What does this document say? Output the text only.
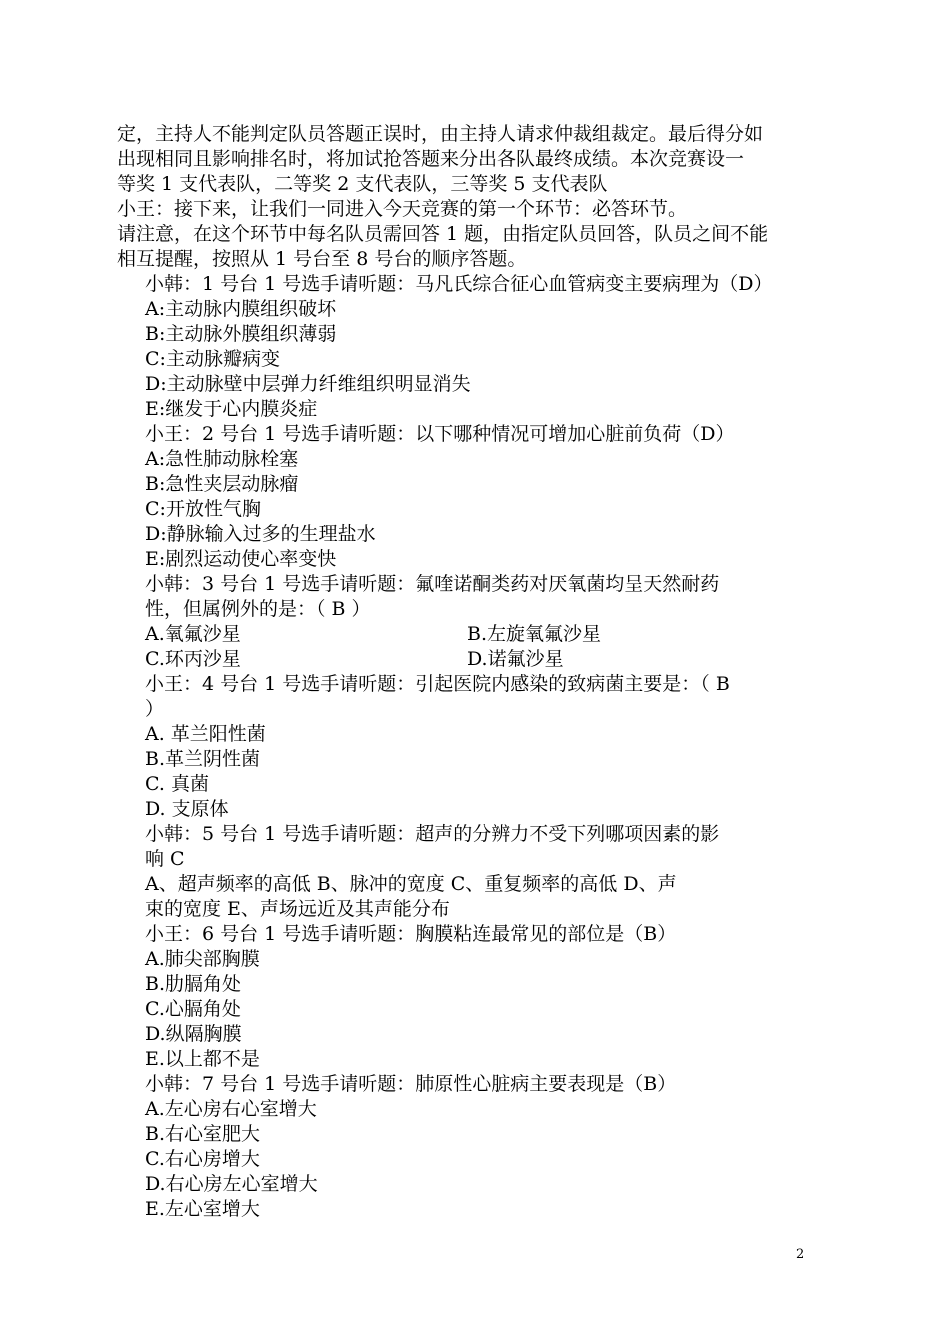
定，主持人不能判定队员答题正误时，由主持人请求仲裁组裁定。最后得分如
出现相同且影响排名时，将加试抢答题来分出各队最终成绩。本次竞赛设一
等奖 1 支代表队，二等奖 2 支代表队，三等奖 5 支代表队
小王：接下来，让我们一同进入今天竞赛的第一个环节：必答环节。
请注意，在这个环节中每名队员需回答 1 题，由指定队员回答，队员之间不能
相互提醒，按照从 1 号台至 8 号台的顺序答题。
小韩：1 号台 1 号选手请听题：马凡氏综合征心血管病变主要病理为（D）
A:主动脉内膜组织破坏
B:主动脉外膜组织薄弱
C:主动脉瓣病变
D:主动脉壁中层弹力纤维组织明显消失
E:继发于心内膜炎症
小王：2 号台 1 号选手请听题：以下哪种情况可增加心脏前负荷（D）
A:急性肺动脉栓塞
B:急性夹层动脉瘤
C:开放性气胸
D:静脉输入过多的生理盐水
E:剧烈运动使心率变快
小韩：3 号台 1 号选手请听题：氟喹诺酮类药对厌氧菌均呈天然耐药
性，但属例外的是：（ B ）
A.氧氟沙星	B.左旋氧氟沙星
C.环丙沙星	D.诺氟沙星
小王：4 号台 1 号选手请听题：引起医院内感染的致病菌主要是：（ B
）
A. 革兰阳性菌
B.革兰阴性菌
C. 真菌
D. 支原体
小韩：5 号台 1 号选手请听题：超声的分辨力不受下列哪项因素的影
响 C
A、超声频率的高低 B、脉冲的宽度 C、重复频率的高低 D、声
束的宽度 E、声场远近及其声能分布
小王：6 号台 1 号选手请听题：胸膜粘连最常见的部位是（B）
A.肺尖部胸膜
B.肋膈角处
C.心膈角处
D.纵隔胸膜
E.以上都不是
小韩：7 号台 1 号选手请听题：肺原性心脏病主要表现是（B）
A.左心房右心室增大
B.右心室肥大
C.右心房增大
D.右心房左心室增大
E.左心室增大
2
